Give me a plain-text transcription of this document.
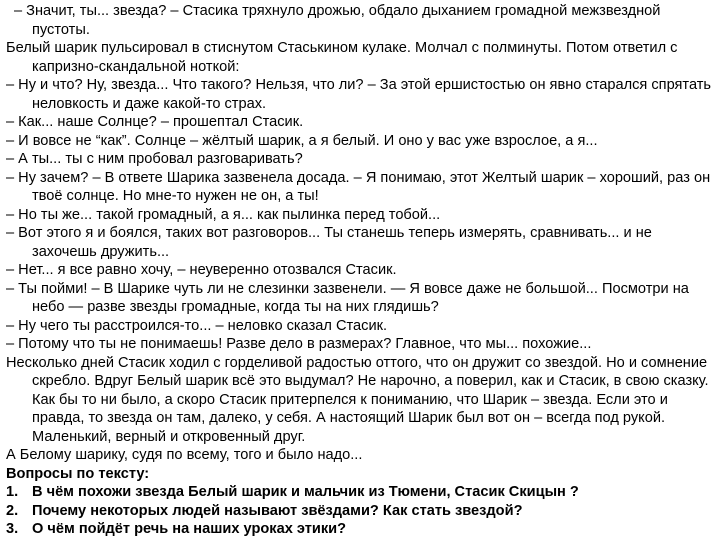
– Значит, ты... звезда? – Стасика тряхнуло дрожью, обдало дыханием громадной межзвездной пустоты.

Белый шарик пульсировал в стиснутом Стаськином кулаке. Молчал с полминуты. Потом ответил с капризно-скандальной ноткой:

– Ну и что? Ну, звезда... Что такого? Нельзя, что ли? – За этой ершистостью он явно старался спрятать неловкость и даже какой-то страх.

– Как... наше Солнце? – прошептал Стасик.

– И вовсе не “как”. Солнце – жёлтый шарик, а я белый. И оно у вас уже взрослое, а я...

– А ты... ты с ним пробовал разговаривать?

– Ну зачем? – В ответе Шарика зазвенела досада. – Я понимаю, этот Желтый шарик – хороший, раз он твоё солнце. Но мне-то нужен не он, а ты!

– Но ты же... такой громадный, а я... как пылинка перед тобой...

– Вот этого я и боялся, таких вот разговоров... Ты станешь теперь измерять, сравнивать... и не захочешь дружить...

– Нет... я все равно хочу, – неуверенно отозвался Стасик.

– Ты пойми! – В Шарике чуть ли не слезинки зазвенели. — Я вовсе даже не большой... Посмотри на небо — разве звезды громадные, когда ты на них глядишь?

– Ну чего ты расстроился-то... – неловко сказал Стасик.

– Потому что ты не понимаешь! Разве дело в размерах? Главное, что мы... похожие...

Несколько дней Стасик ходил с горделивой радостью оттого, что он дружит со звездой. Но и сомнение скребло. Вдруг Белый шарик всё это выдумал? Не нарочно, а поверил, как и Стасик, в свою сказку. Как бы то ни было, а скоро Стасик притерпелся к пониманию, что Шарик – звезда. Если это и правда, то звезда он там, далеко, у себя. А настоящий Шарик был вот он – всегда под рукой. Маленький, верный и откровенный друг.

А Белому шарику, судя по всему, того и было надо...

Вопросы по тексту:

1. В чём похожи звезда Белый шарик и мальчик из Тюмени, Стасик Скицын ?

2. Почему некоторых людей называют звёздами? Как стать звездой?

3. О чём пойдёт речь на наших уроках этики?
